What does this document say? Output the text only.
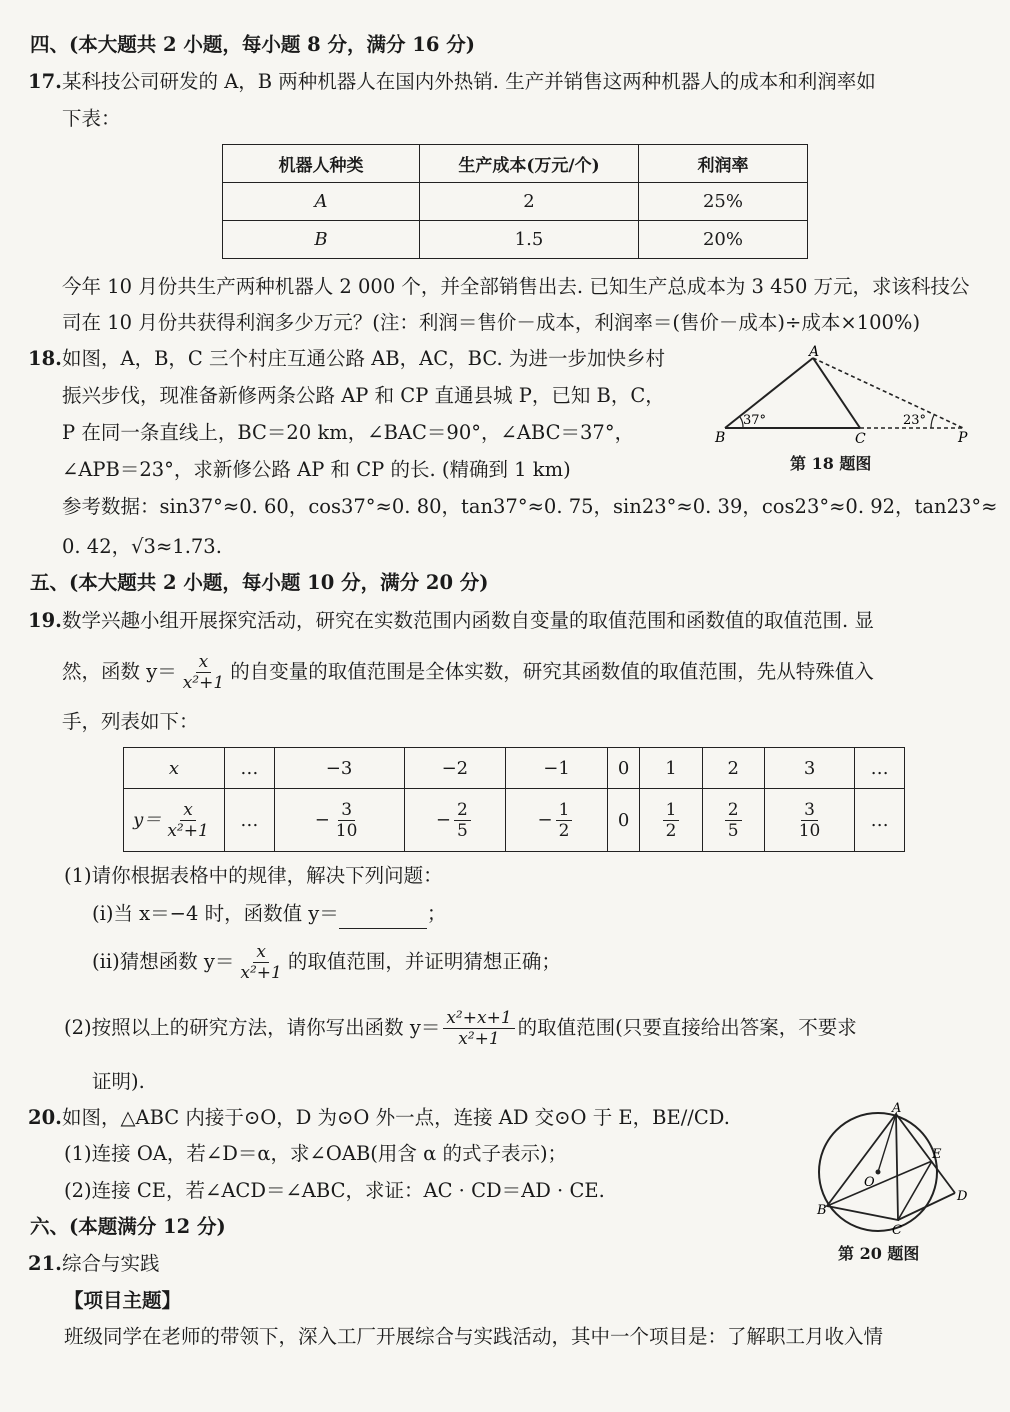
四、(本大题共 2 小题，每小题 8 分，满分 16 分)
17. 某科技公司研发的 A，B 两种机器人在国内外热销. 生产并销售这两种机器人的成本和利润率如
下表：
机器人种类	生产成本(万元/个)	利润率
A	2	25%
B	1.5	20%
今年 10 月份共生产两种机器人 2 000 个，并全部销售出去. 已知生产总成本为 3 450 万元，求该科技公
司在 10 月份共获得利润多少万元？(注：利润＝售价－成本，利润率＝(售价－成本)÷成本×100%)
18. 如图，A，B，C 三个村庄互通公路 AB，AC，BC. 为进一步加快乡村
振兴步伐，现准备新修两条公路 AP 和 CP 直通县城 P，已知 B，C，
P 在同一条直线上，BC＝20 km，∠BAC＝90°，∠ABC＝37°，
∠APB＝23°，求新修公路 AP 和 CP 的长. (精确到 1 km)
A
B	C	P
37°	23°
第 18 题图
参考数据：sin37°≈0. 60，cos37°≈0. 80，tan37°≈0. 75，sin23°≈0. 39，cos23°≈0. 92，tan23°≈
0. 42，√3≈1.73.
五、(本大题共 2 小题，每小题 10 分，满分 20 分)
19. 数学兴趣小组开展探究活动，研究在实数范围内函数自变量的取值范围和函数值的取值范围. 显
然，函数 $y= \frac{x}{\text{x²+1}}$ 的自变量的取值范围是全体实数，研究其函数值的取值范围，先从特殊值入
手，列表如下：
x	…	−3	−2	−1	0	1	2	3	…
$y= \frac{x}{\text{x²+1}}$	…	− $\frac{3}{10}$	− $\frac{2}{5}$	− $\frac{1}{2}$	0	$\frac{1}{2}$	$\frac{2}{5}$	$\frac{3}{10}$	…
(1)请你根据表格中的规律，解决下列问题：
(i)当 x＝−4 时，函数值 y＝	；
(ii)猜想函数 $y= \frac{x}{\text{x²+1}}$ 的取值范围，并证明猜想正确；
(2)按照以上的研究方法，请你写出函数 $y= \frac{\text{x²+x+1}}{\text{x²+1}}$ 的取值范围(只要直接给出答案，不要求
证明).
20. 如图，△ABC 内接于⊙O，D 为⊙O 外一点，连接 AD 交⊙O 于 E，BE//CD.
(1)连接 OA，若∠D＝α，求∠OAB(用含 α 的式子表示)；
(2)连接 CE，若∠ACD＝∠ABC，求证：AC · CD＝AD · CE.
A
B
C
D
E
O
第 20 题图
六、(本题满分 12 分)
21. 综合与实践
【项目主题】
班级同学在老师的带领下，深入工厂开展综合与实践活动，其中一个项目是：了解职工月收入情
